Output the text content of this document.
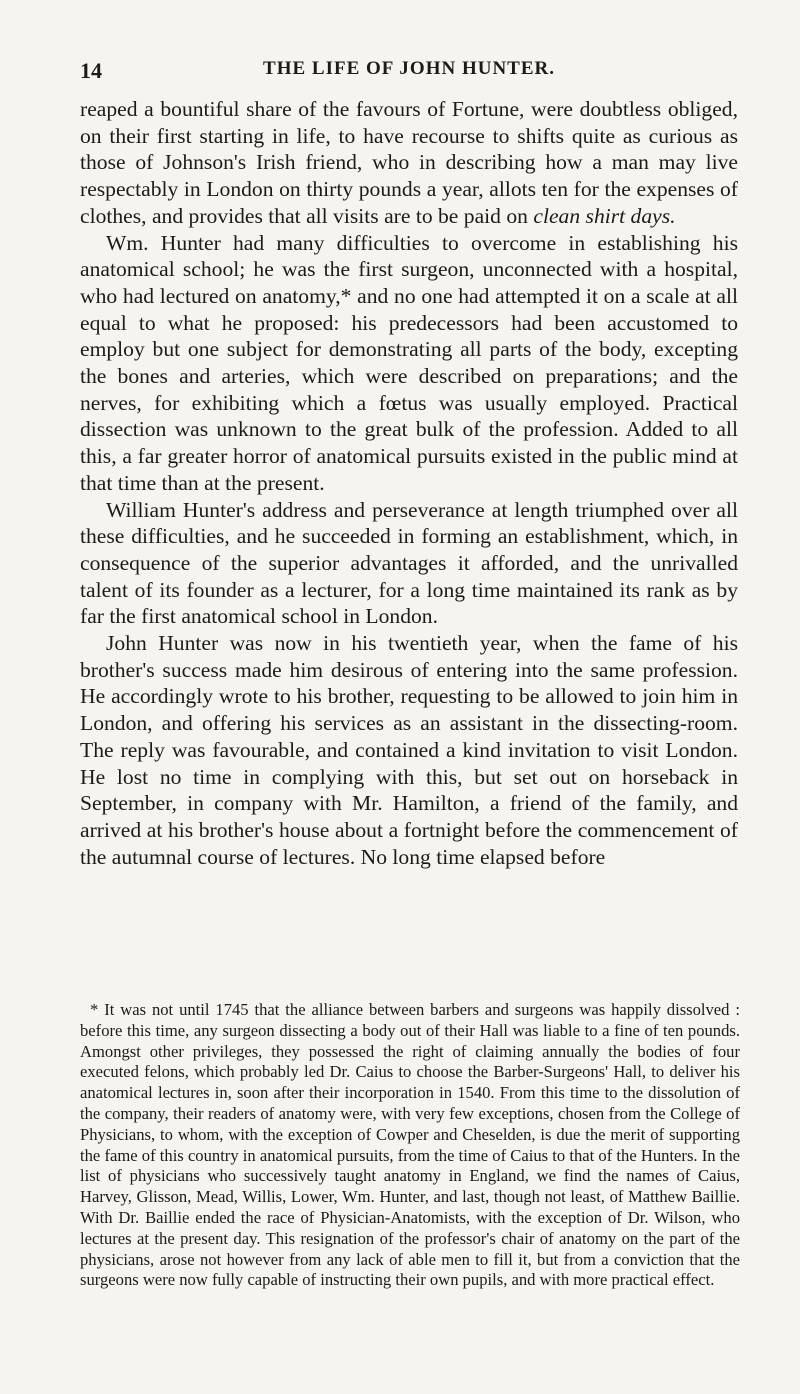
14	THE LIFE OF JOHN HUNTER.

reaped a bountiful share of the favours of Fortune, were doubtless obliged, on their first starting in life, to have recourse to shifts quite as curious as those of Johnson's Irish friend, who in describing how a man may live respectably in London on thirty pounds a year, allots ten for the expenses of clothes, and provides that all visits are to be paid on clean shirt days.

Wm. Hunter had many difficulties to overcome in establishing his anatomical school; he was the first surgeon, unconnected with a hospital, who had lectured on anatomy,* and no one had attempted it on a scale at all equal to what he proposed: his predecessors had been accustomed to employ but one subject for demonstrating all parts of the body, excepting the bones and arteries, which were described on preparations; and the nerves, for exhibiting which a fœtus was usually employed. Practical dissection was unknown to the great bulk of the profession. Added to all this, a far greater horror of anatomical pursuits existed in the public mind at that time than at the present.

William Hunter's address and perseverance at length triumphed over all these difficulties, and he succeeded in forming an establishment, which, in consequence of the superior advantages it afforded, and the unrivalled talent of its founder as a lecturer, for a long time maintained its rank as by far the first anatomical school in London.

John Hunter was now in his twentieth year, when the fame of his brother's success made him desirous of entering into the same profession. He accordingly wrote to his brother, requesting to be allowed to join him in London, and offering his services as an assistant in the dissecting-room. The reply was favourable, and contained a kind invitation to visit London. He lost no time in complying with this, but set out on horseback in September, in company with Mr. Hamilton, a friend of the family, and arrived at his brother's house about a fortnight before the commencement of the autumnal course of lectures. No long time elapsed before

* It was not until 1745 that the alliance between barbers and surgeons was happily dissolved : before this time, any surgeon dissecting a body out of their Hall was liable to a fine of ten pounds. Amongst other privileges, they possessed the right of claiming annually the bodies of four executed felons, which probably led Dr. Caius to choose the Barber-Surgeons' Hall, to deliver his anatomical lectures in, soon after their incorporation in 1540. From this time to the dissolution of the company, their readers of anatomy were, with very few exceptions, chosen from the College of Physicians, to whom, with the exception of Cowper and Cheselden, is due the merit of supporting the fame of this country in anatomical pursuits, from the time of Caius to that of the Hunters. In the list of physicians who successively taught anatomy in England, we find the names of Caius, Harvey, Glisson, Mead, Willis, Lower, Wm. Hunter, and last, though not least, of Matthew Baillie. With Dr. Baillie ended the race of Physician-Anatomists, with the exception of Dr. Wilson, who lectures at the present day. This resignation of the professor's chair of anatomy on the part of the physicians, arose not however from any lack of able men to fill it, but from a conviction that the surgeons were now fully capable of instructing their own pupils, and with more practical effect.
